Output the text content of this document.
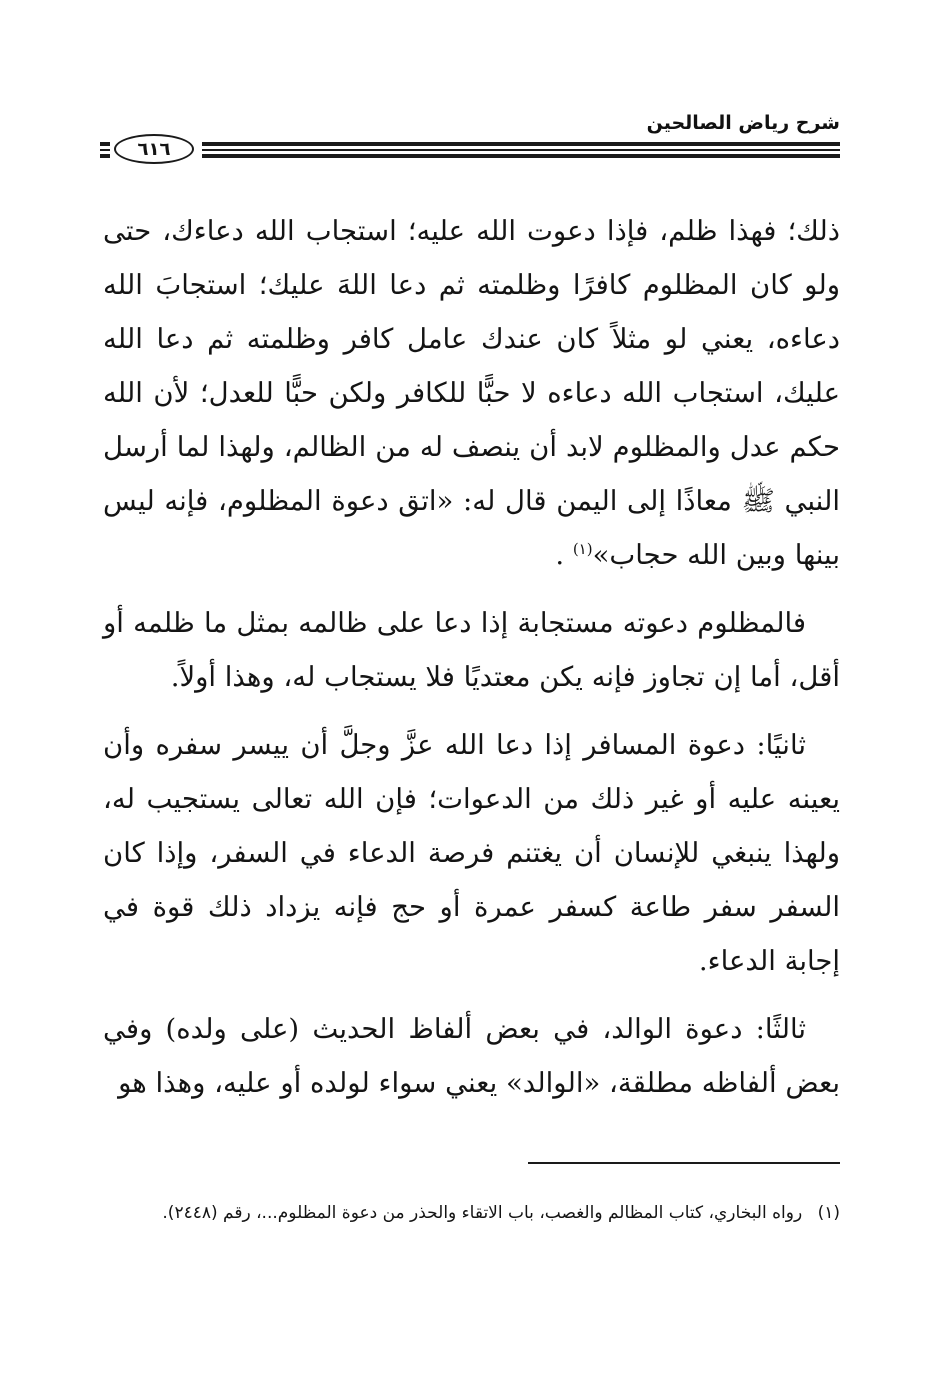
شرح رياض الصالحين
٦١٦

ذلك؛ فهذا ظلم، فإذا دعوت الله عليه؛ استجاب الله دعاءك، حتى ولو كان المظلوم كافرًا وظلمته ثم دعا اللهَ عليك؛ استجابَ الله دعاءه، يعني لو مثلاً كان عندك عامل كافر وظلمته ثم دعا الله عليك، استجاب الله دعاءه لا حبًّا للكافر ولكن حبًّا للعدل؛ لأن الله حكم عدل والمظلوم لابد أن ينصف له من الظالم، ولهذا لما أرسل النبي ﷺ معاذًا إلى اليمن قال له: «اتق دعوة المظلوم، فإنه ليس بينها وبين الله حجاب»$^{(١)}$ .

فالمظلوم دعوته مستجابة إذا دعا على ظالمه بمثل ما ظلمه أو أقل، أما إن تجاوز فإنه يكن معتديًا فلا يستجاب له، وهذا أولاً.

ثانيًا: دعوة المسافر إذا دعا الله عزَّ وجلَّ أن ييسر سفره وأن يعينه عليه أو غير ذلك من الدعوات؛ فإن الله تعالى يستجيب له، ولهذا ينبغي للإنسان أن يغتنم فرصة الدعاء في السفر، وإذا كان السفر سفر طاعة كسفر عمرة أو حج فإنه يزداد ذلك قوة في إجابة الدعاء.

ثالثًا: دعوة الوالد، في بعض ألفاظ الحديث (على ولده) وفي بعض ألفاظه مطلقة، «الوالد» يعني سواء لولده أو عليه، وهذا هو

(١) رواه البخاري، كتاب المظالم والغصب، باب الاتقاء والحذر من دعوة المظلوم...، رقم (٢٤٤٨).
